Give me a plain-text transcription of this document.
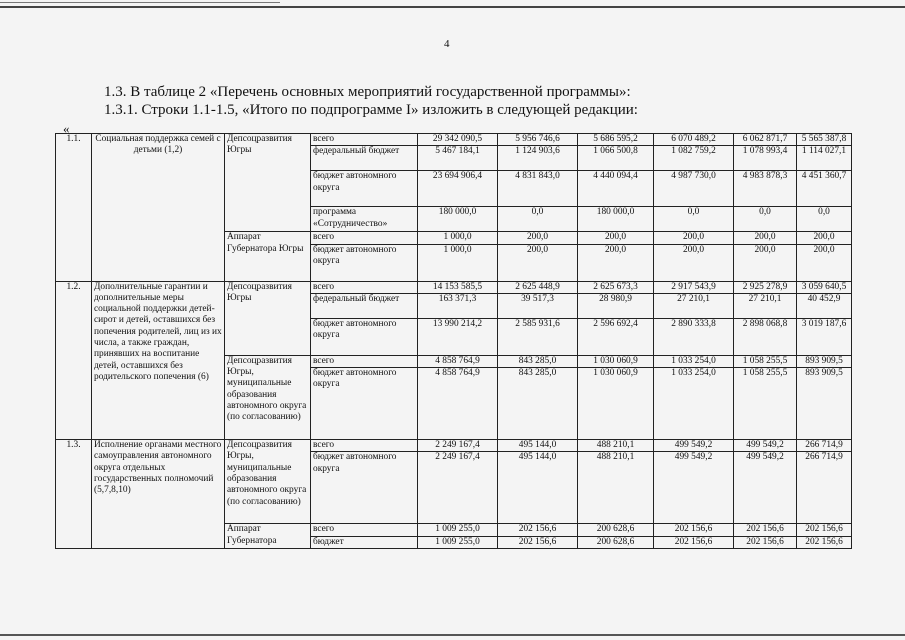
4
1.3. В таблице 2 «Перечень основных мероприятий государственной программы»:
1.3.1. Строки 1.1-1.5, «Итого по подпрограмме I» изложить в следующей редакции:
«
1.1.	Социальная поддержка семей с детьми (1,2)	Депсоцразвития Югры	всего	29 342 090,5	5 956 746,6	5 686 595,2	6 070 489,2	6 062 871,7	5 565 387,8
			федеральный бюджет	5 467 184,1	1 124 903,6	1 066 500,8	1 082 759,2	1 078 993,4	1 114 027,1
			бюджет автономного округа	23 694 906,4	4 831 843,0	4 440 094,4	4 987 730,0	4 983 878,3	4 451 360,7
			программа «Сотрудничество»	180 000,0	0,0	180 000,0	0,0	0,0	0,0
		Аппарат Губернатора Югры	всего	1 000,0	200,0	200,0	200,0	200,0	200,0
			бюджет автономного округа	1 000,0	200,0	200,0	200,0	200,0	200,0
1.2.	Дополнительные гарантии и дополнительные меры социальной поддержки детей-сирот и детей, оставшихся без попечения родителей, лиц из их числа, а также граждан, принявших на воспитание детей, оставшихся без родительского попечения (6)	Депсоцразвития Югры	всего	14 153 585,5	2 625 448,9	2 625 673,3	2 917 543,9	2 925 278,9	3 059 640,5
			федеральный бюджет	163 371,3	39 517,3	28 980,9	27 210,1	27 210,1	40 452,9
			бюджет автономного округа	13 990 214,2	2 585 931,6	2 596 692,4	2 890 333,8	2 898 068,8	3 019 187,6
		Депсоцразвития Югры, муниципальные образования автономного округа (по согласованию)	всего	4 858 764,9	843 285,0	1 030 060,9	1 033 254,0	1 058 255,5	893 909,5
			бюджет автономного округа	4 858 764,9	843 285,0	1 030 060,9	1 033 254,0	1 058 255,5	893 909,5
1.3.	Исполнение органами местного самоуправления автономного округа отдельных государственных полномочий (5,7,8,10)	Депсоцразвития Югры, муниципальные образования автономного округа (по согласованию)	всего	2 249 167,4	495 144,0	488 210,1	499 549,2	499 549,2	266 714,9
			бюджет автономного округа	2 249 167,4	495 144,0	488 210,1	499 549,2	499 549,2	266 714,9
		Аппарат Губернатора	всего	1 009 255,0	202 156,6	200 628,6	202 156,6	202 156,6	202 156,6
			бюджет	1 009 255,0	202 156,6	200 628,6	202 156,6	202 156,6	202 156,6
